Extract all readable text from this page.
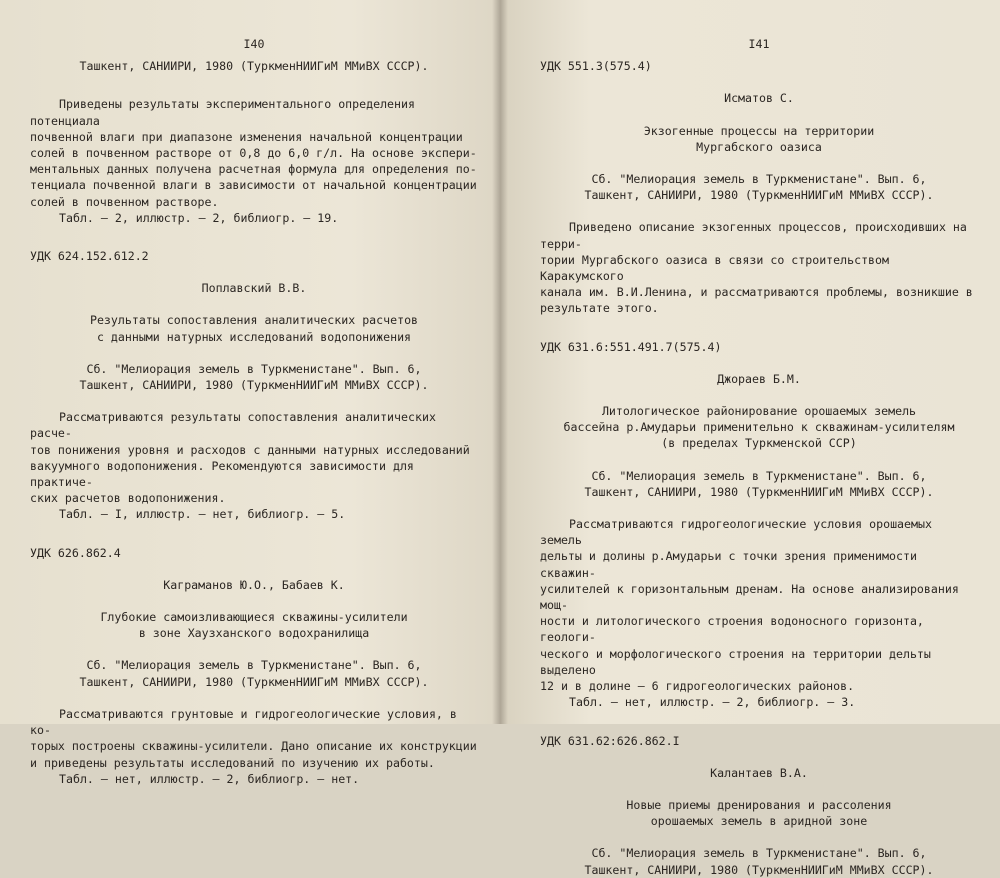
I40
Ташкент, САНИИРИ, 1980 (ТуркменНИИГиМ ММиВХ СССР).
Приведены результаты экспериментального определения потенциала
почвенной влаги при диапазоне изменения начальной концентрации
солей в почвенном растворе от 0,8 до 6,0 г/л. На основе экспери-
ментальных данных получена расчетная формула для определения по-
тенциала почвенной влаги в зависимости от начальной концентрации
солей в почвенном растворе.
Табл. – 2, иллюстр. – 2, библиогр. – 19.
УДК 624.152.612.2
Поплавский В.В.
Результаты сопоставления аналитических расчетов
с данными натурных исследований водопонижения
Сб. "Мелиорация земель в Туркменистане". Вып. 6,
Ташкент, САНИИРИ, 1980 (ТуркменНИИГиМ ММиВХ СССР).
Рассматриваются результаты сопоставления аналитических расче-
тов понижения уровня и расходов с данными натурных исследований
вакуумного водопонижения. Рекомендуются зависимости для практиче-
ских расчетов водопонижения.
Табл. – I, иллюстр. – нет, библиогр. – 5.
УДК 626.862.4
Каграманов Ю.О., Бабаев К.
Глубокие самоизливающиеся скважины-усилители
в зоне Хаузханского водохранилища
Сб. "Мелиорация земель в Туркменистане". Вып. 6,
Ташкент, САНИИРИ, 1980 (ТуркменНИИГиМ ММиВХ СССР).
Рассматриваются грунтовые и гидрогеологические условия, в ко-
торых построены скважины-усилители. Дано описание их конструкции
и приведены результаты исследований по изучению их работы.
Табл. – нет, иллюстр. – 2, библиогр. – нет.
I41
УДК 551.3(575.4)
Исматов С.
Экзогенные процессы на территории
Мургабского оазиса
Сб. "Мелиорация земель в Туркменистане". Вып. 6,
Ташкент, САНИИРИ, 1980 (ТуркменНИИГиМ ММиВХ СССР).
Приведено описание экзогенных процессов, происходивших на терри-
тории Мургабского оазиса в связи со строительством Каракумского
канала им. В.И.Ленина, и рассматриваются проблемы, возникшие в
результате этого.
УДК 631.6:551.491.7(575.4)
Джораев Б.М.
Литологическое районирование орошаемых земель
бассейна р.Амударьи применительно к скважинам-усилителям
(в пределах Туркменской ССР)
Сб. "Мелиорация земель в Туркменистане". Вып. 6,
Ташкент, САНИИРИ, 1980 (ТуркменНИИГиМ ММиВХ СССР).
Рассматриваются гидрогеологические условия орошаемых земель
дельты и долины р.Амударьи с точки зрения применимости скважин-
усилителей к горизонтальным дренам. На основе анализирования мощ-
ности и литологического строения водоносного горизонта, геологи-
ческого и морфологического строения на территории дельты выделено
12 и в долине – 6 гидрогеологических районов.
Табл. – нет, иллюстр. – 2, библиогр. – 3.
УДК 631.62:626.862.I
Калантаев В.А.
Новые приемы дренирования и рассоления
орошаемых земель в аридной зоне
Сб. "Мелиорация земель в Туркменистане". Вып. 6,
Ташкент, САНИИРИ, 1980 (ТуркменНИИГиМ ММиВХ СССР).
